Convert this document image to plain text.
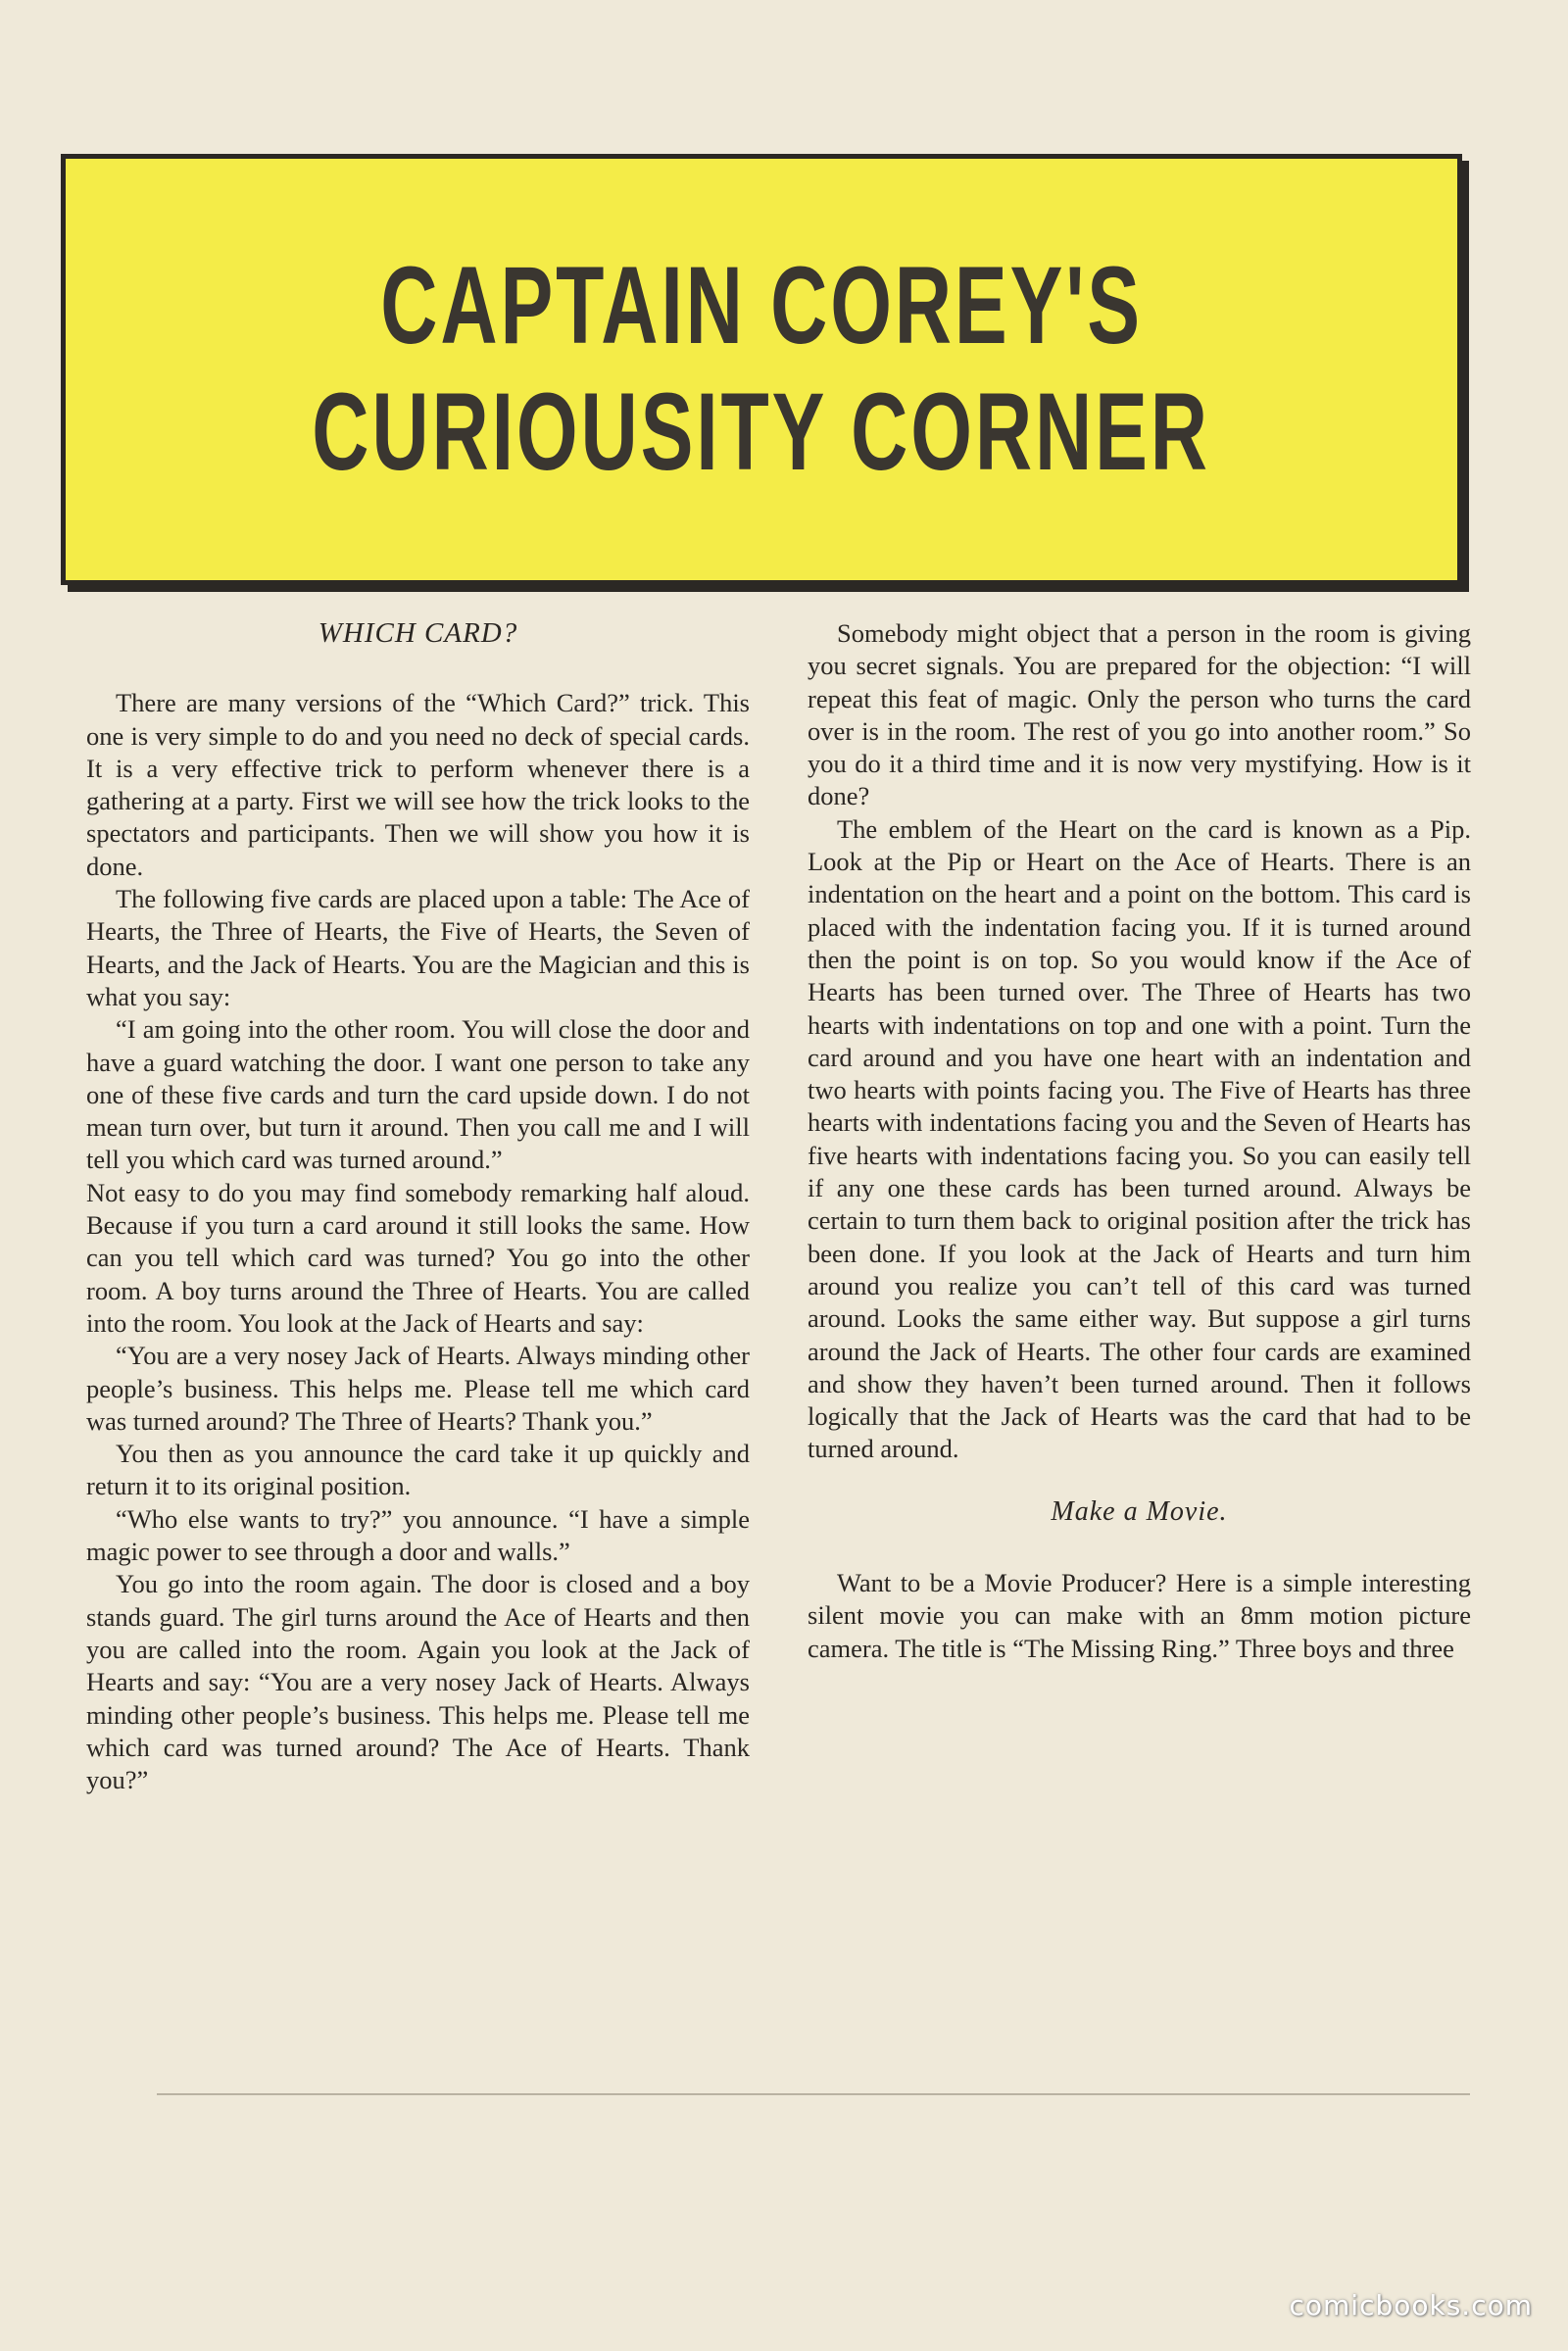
CAPTAIN COREY'S
CURIOUSITY CORNER
WHICH CARD?

There are many versions of the “Which Card?” trick. This one is very simple to do and you need no deck of special cards. It is a very effective trick to perform whenever there is a gathering at a party. First we will see how the trick looks to the spectators and participants. Then we will show you how it is done.

The following five cards are placed upon a table: The Ace of Hearts, the Three of Hearts, the Five of Hearts, the Seven of Hearts, and the Jack of Hearts. You are the Magician and this is what you say:

“I am going into the other room. You will close the door and have a guard watching the door. I want one person to take any one of these five cards and turn the card upside down. I do not mean turn over, but turn it around. Then you call me and I will tell you which card was turned around.”

Not easy to do you may find somebody remarking half aloud. Because if you turn a card around it still looks the same. How can you tell which card was turned? You go into the other room. A boy turns around the Three of Hearts. You are called into the room. You look at the Jack of Hearts and say:

“You are a very nosey Jack of Hearts. Always minding other people’s business. This helps me. Please tell me which card was turned around? The Three of Hearts? Thank you.”

You then as you announce the card take it up quickly and return it to its original position.

“Who else wants to try?” you announce. “I have a simple magic power to see through a door and walls.”

You go into the room again. The door is closed and a boy stands guard. The girl turns around the Ace of Hearts and then you are called into the room. Again you look at the Jack of Hearts and say: “You are a very nosey Jack of Hearts. Always minding other people’s business. This helps me. Please tell me which card was turned around? The Ace of Hearts. Thank you?”

Somebody might object that a person in the room is giving you secret signals. You are prepared for the objection: “I will repeat this feat of magic. Only the person who turns the card over is in the room. The rest of you go into another room.” So you do it a third time and it is now very mystifying. How is it done?

The emblem of the Heart on the card is known as a Pip. Look at the Pip or Heart on the Ace of Hearts. There is an indentation on the heart and a point on the bottom. This card is placed with the indentation facing you. If it is turned around then the point is on top. So you would know if the Ace of Hearts has been turned over. The Three of Hearts has two hearts with indentations on top and one with a point. Turn the card around and you have one heart with an indentation and two hearts with points facing you. The Five of Hearts has three hearts with indentations facing you and the Seven of Hearts has five hearts with indentations facing you. So you can easily tell if any one these cards has been turned around. Always be certain to turn them back to original position after the trick has been done. If you look at the Jack of Hearts and turn him around you realize you can’t tell of this card was turned around. Looks the same either way. But suppose a girl turns around the Jack of Hearts. The other four cards are examined and show they haven’t been turned around. Then it follows logically that the Jack of Hearts was the card that had to be turned around.

Make a Movie.

Want to be a Movie Producer? Here is a simple interesting silent movie you can make with an 8mm motion picture camera. The title is “The Missing Ring.” Three boys and three

comicbooks.com
